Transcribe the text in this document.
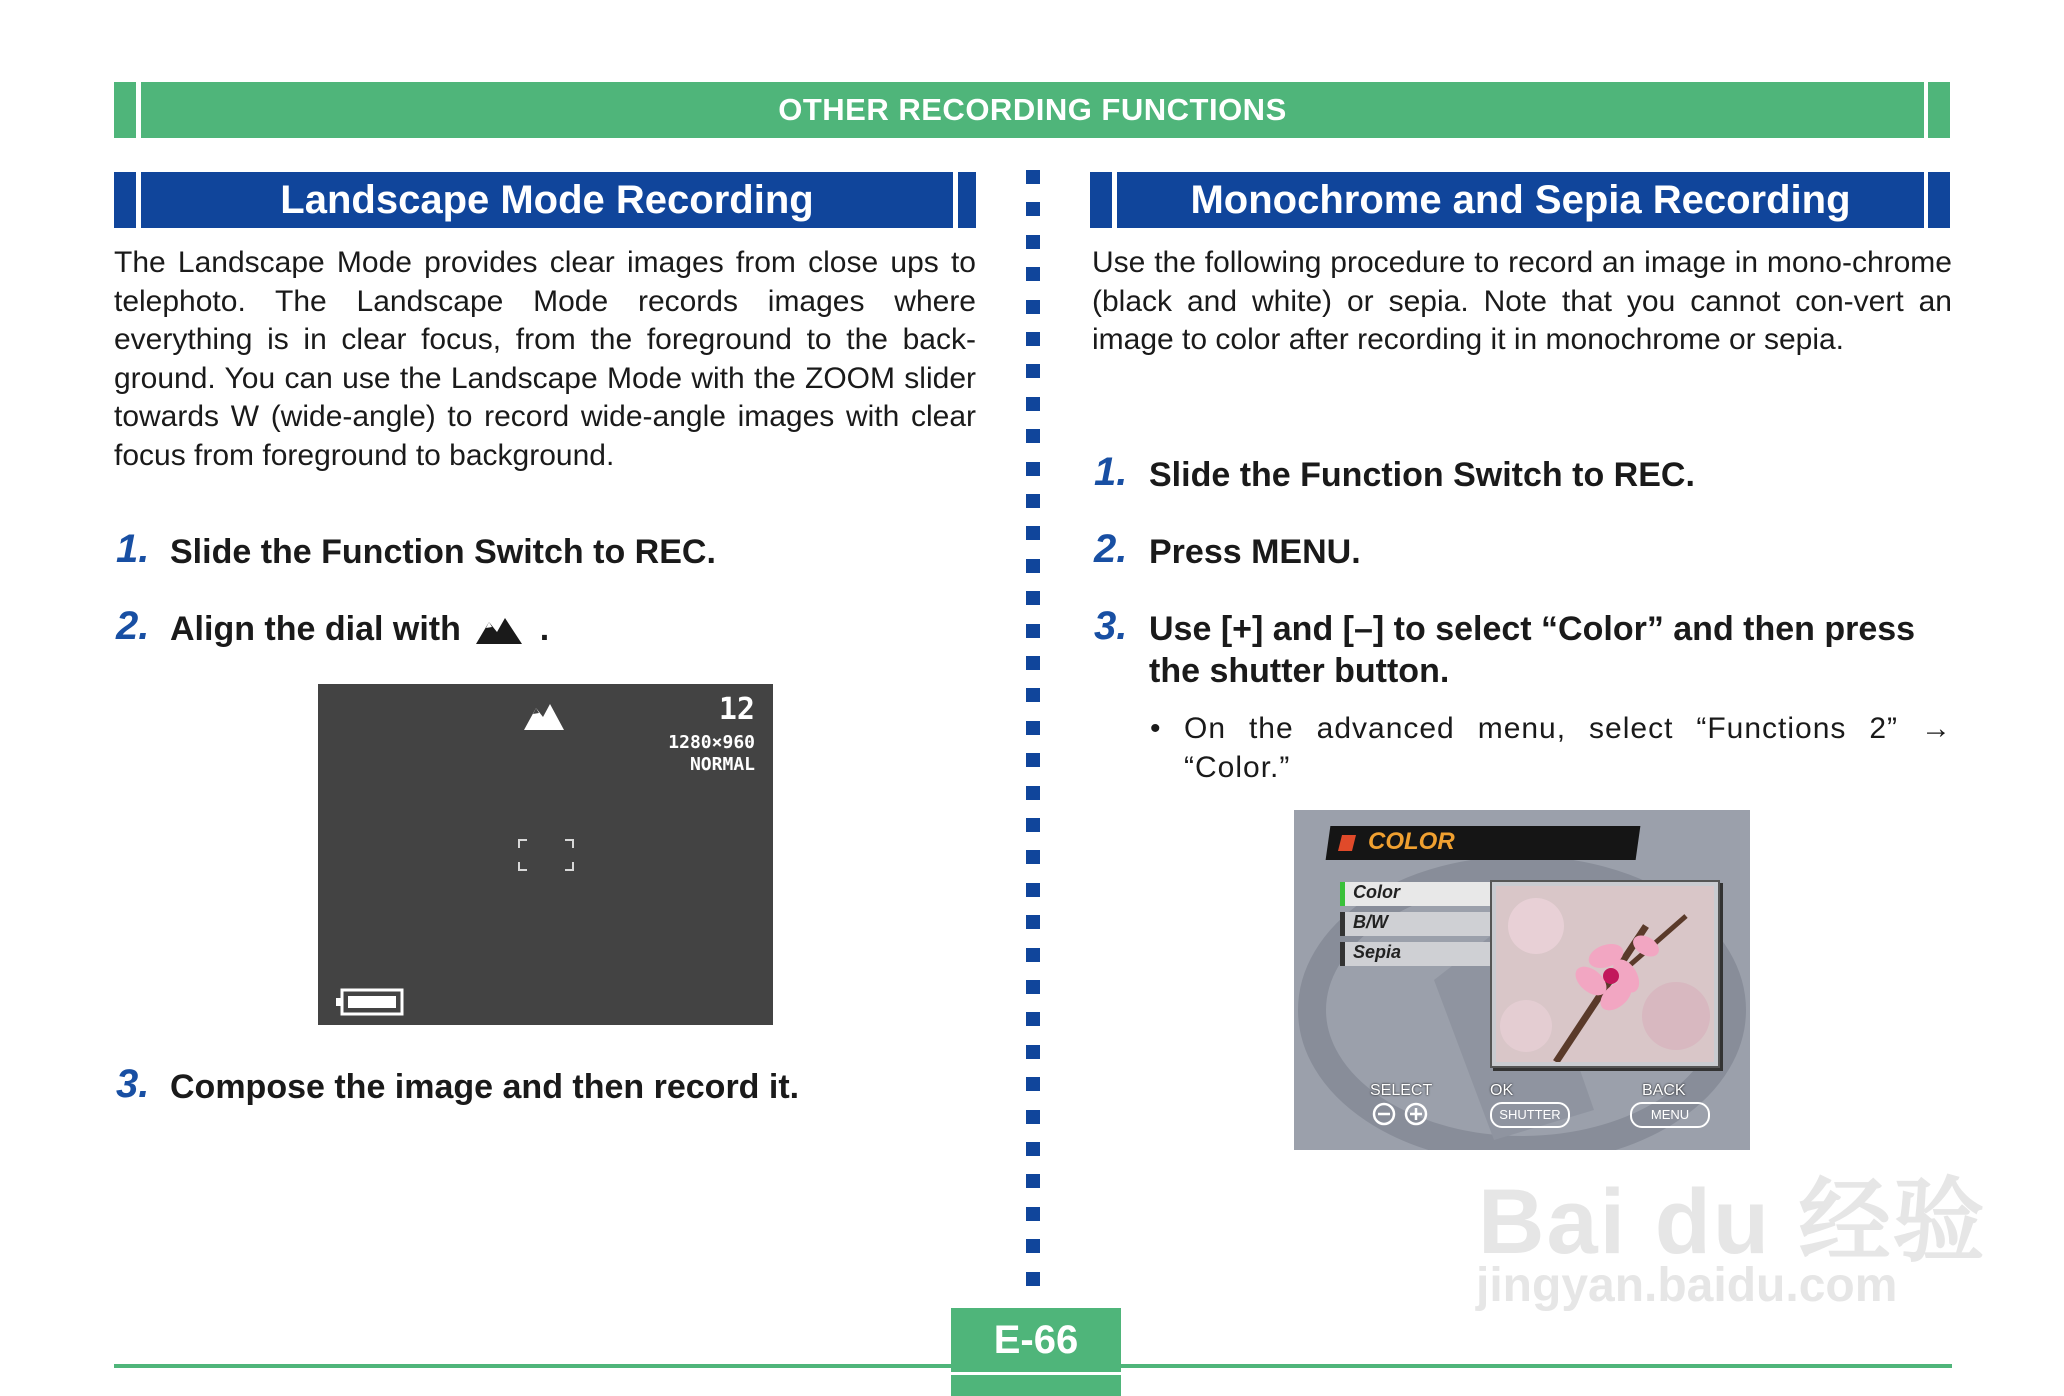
OTHER RECORDING FUNCTIONS
Landscape Mode Recording
The Landscape Mode provides clear images from close ups to telephoto. The Landscape Mode records images where everything is in clear focus, from the foreground to the back-ground. You can use the Landscape Mode with the ZOOM slider towards W (wide-angle) to record wide-angle images with clear focus from foreground to background.
1. Slide the Function Switch to REC.
2. Align the dial with .
12
1280×960
NORMAL
3. Compose the image and then record it.
Monochrome and Sepia Recording
Use the following procedure to record an image in mono-chrome (black and white) or sepia. Note that you cannot con-vert an image to color after recording it in monochrome or sepia.
1. Slide the Function Switch to REC.
2. Press MENU.
3. Use [+] and [–] to select “Color” and then press the shutter button.
• On the advanced menu, select “Functions 2” → “Color.”
COLOR
Color
B/W
Sepia
SELECT	OK
SHUTTER
BACK
MENU
Bai du 经验
jingyan.baidu.com
E-66
